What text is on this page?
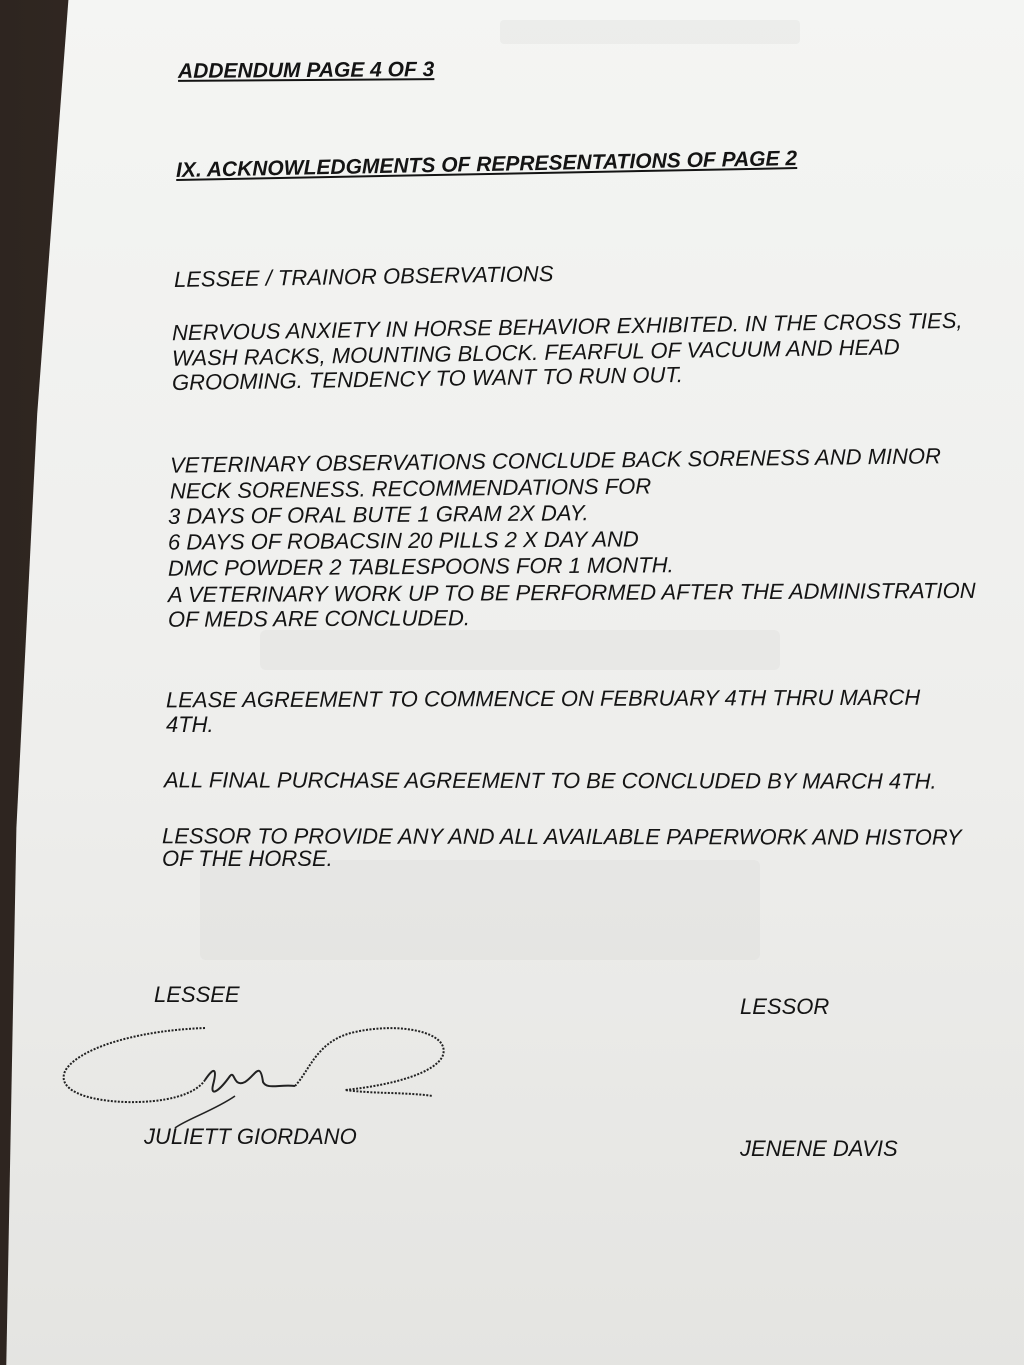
ADDENDUM PAGE 4 OF 3
IX. ACKNOWLEDGMENTS OF REPRESENTATIONS OF PAGE 2
LESSEE / TRAINOR OBSERVATIONS
NERVOUS ANXIETY IN HORSE BEHAVIOR EXHIBITED. IN THE CROSS TIES,
WASH RACKS, MOUNTING BLOCK. FEARFUL OF VACUUM AND HEAD
GROOMING. TENDENCY TO WANT TO RUN OUT.
VETERINARY OBSERVATIONS CONCLUDE BACK SORENESS AND MINOR
NECK SORENESS. RECOMMENDATIONS FOR
3 DAYS OF ORAL BUTE 1 GRAM 2X DAY.
6 DAYS OF ROBACSIN 20 PILLS 2 X DAY AND
DMC POWDER 2 TABLESPOONS FOR 1 MONTH.
A VETERINARY WORK UP TO BE PERFORMED AFTER THE ADMINISTRATION
OF MEDS ARE CONCLUDED.
LEASE AGREEMENT TO COMMENCE ON FEBRUARY 4TH THRU MARCH
4TH.
ALL FINAL PURCHASE AGREEMENT TO BE CONCLUDED BY MARCH 4TH.
LESSOR TO PROVIDE ANY AND ALL AVAILABLE PAPERWORK AND HISTORY
OF THE HORSE.
LESSEE	LESSOR
JULIETT GIORDANO	JENENE DAVIS
